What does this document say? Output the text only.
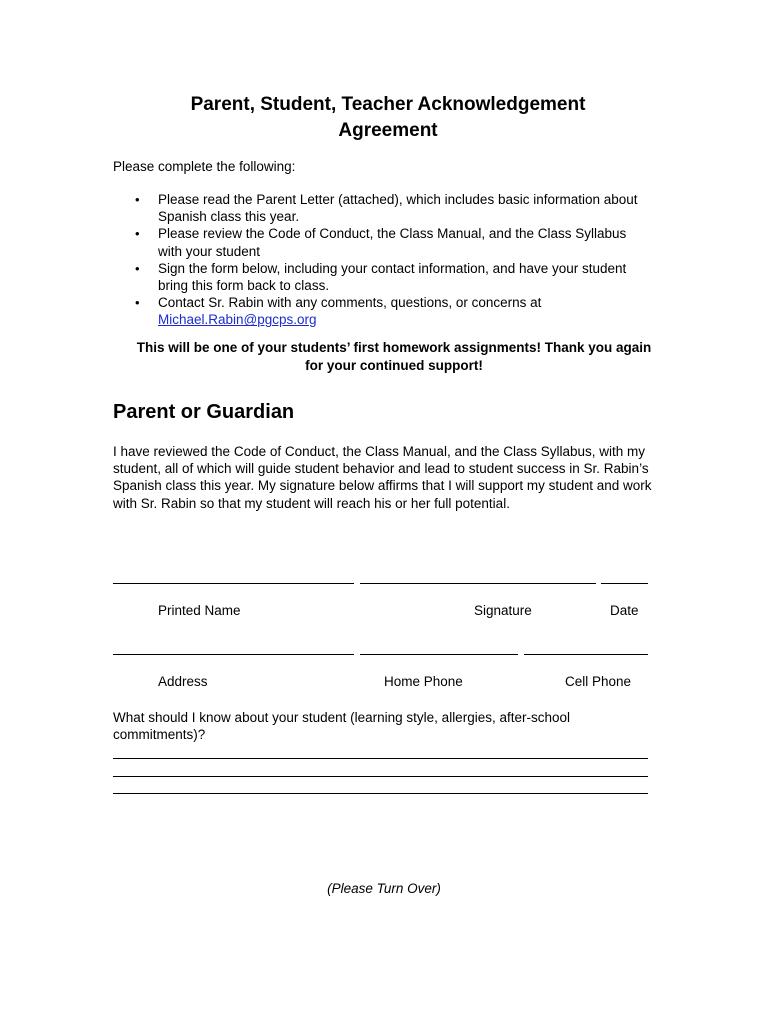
Parent, Student, Teacher Acknowledgement
Agreement

Please complete the following:

• Please read the Parent Letter (attached), which includes basic information about Spanish class this year.
• Please review the Code of Conduct, the Class Manual, and the Class Syllabus with your student
• Sign the form below, including your contact information, and have your student bring this form back to class.
• Contact Sr. Rabin with any comments, questions, or concerns at
Michael.Rabin@pgcps.org

This will be one of your students’ first homework assignments! Thank you again for your continued support!

Parent or Guardian

I have reviewed the Code of Conduct, the Class Manual, and the Class Syllabus, with my student, all of which will guide student behavior and lead to student success in Sr. Rabin’s Spanish class this year. My signature below affirms that I will support my student and work with Sr. Rabin so that my student will reach his or her full potential.

Printed Name	Signature	Date
Address	Home Phone	Cell Phone
What should I know about your student (learning style, allergies, after-school commitments)?
(Please Turn Over)
